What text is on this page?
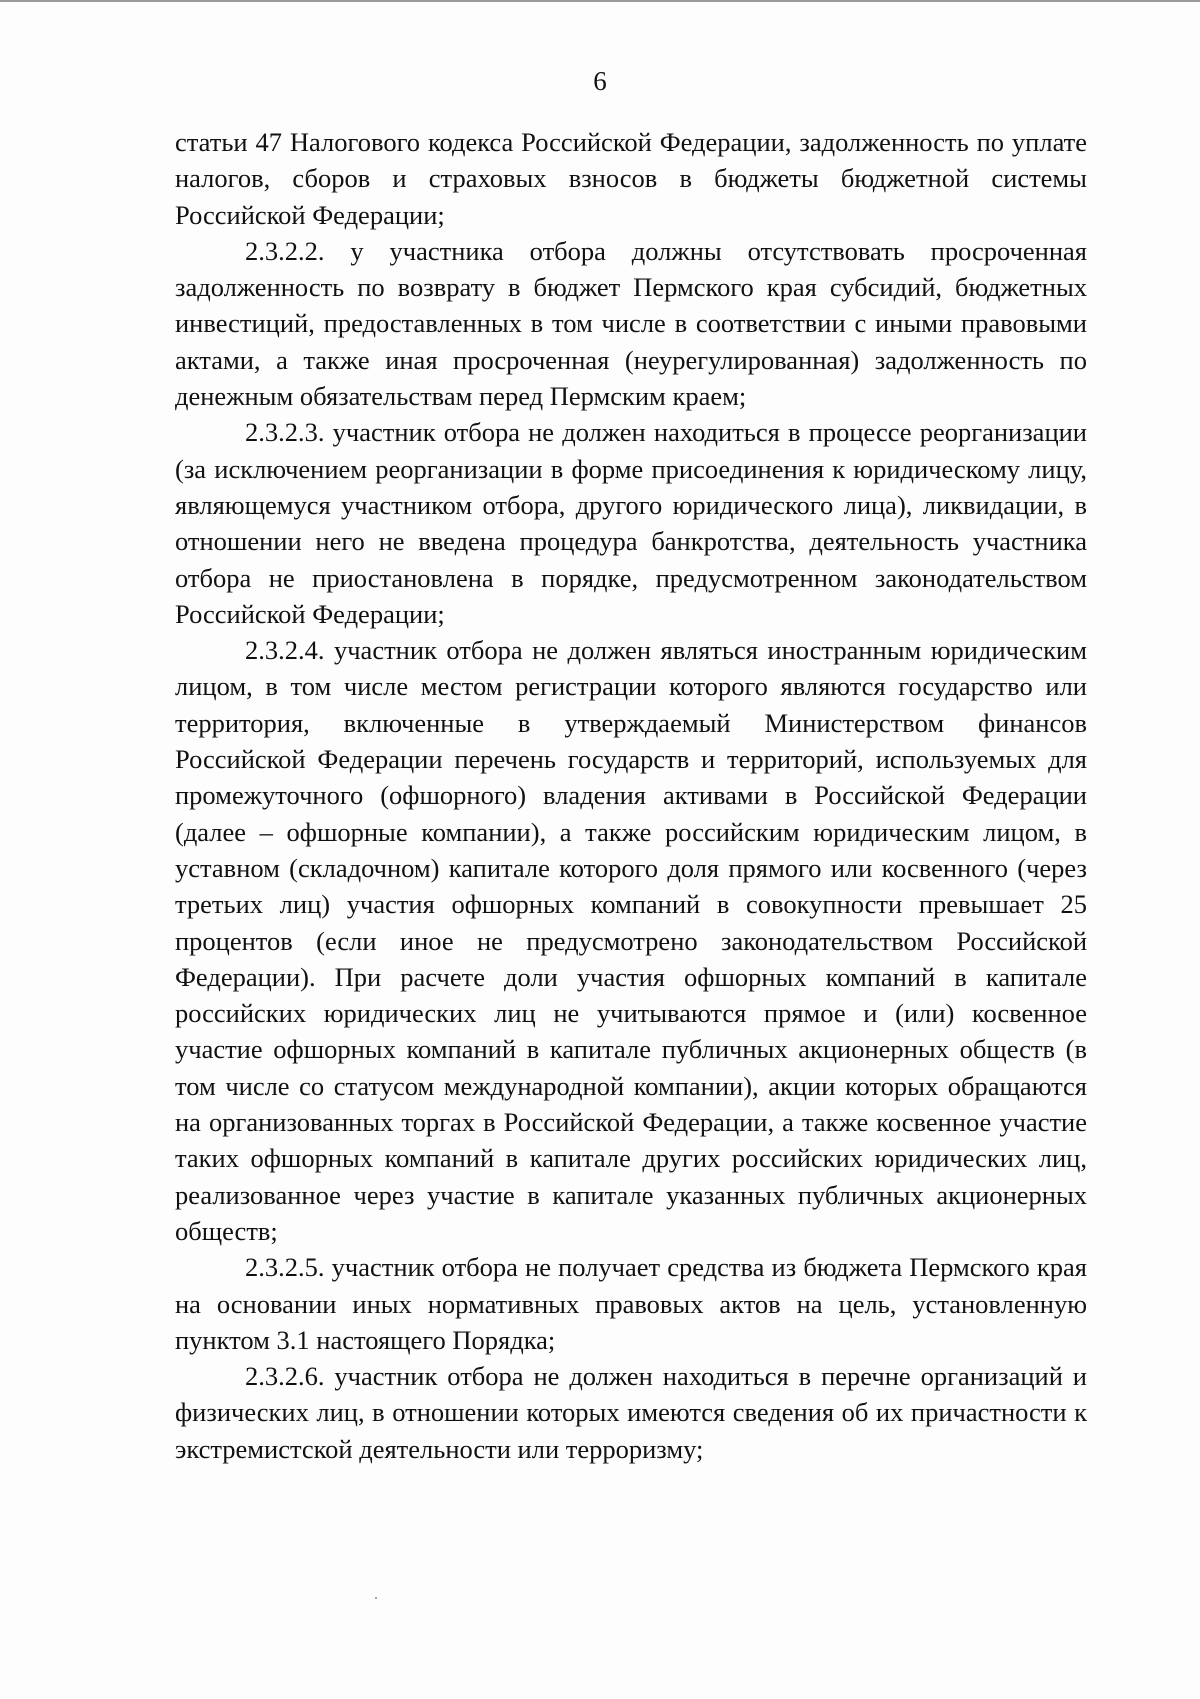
6

статьи 47 Налогового кодекса Российской Федерации, задолженность по уплате налогов, сборов и страховых взносов в бюджеты бюджетной системы Российской Федерации;

2.3.2.2. у участника отбора должны отсутствовать просроченная задолженность по возврату в бюджет Пермского края субсидий, бюджетных инвестиций, предоставленных в том числе в соответствии с иными правовыми актами, а также иная просроченная (неурегулированная) задолженность по денежным обязательствам перед Пермским краем;

2.3.2.3. участник отбора не должен находиться в процессе реорганизации (за исключением реорганизации в форме присоединения к юридическому лицу, являющемуся участником отбора, другого юридического лица), ликвидации, в отношении него не введена процедура банкротства, деятельность участника отбора не приостановлена в порядке, предусмотренном законодательством Российской Федерации;

2.3.2.4. участник отбора не должен являться иностранным юридическим лицом, в том числе местом регистрации которого являются государство или территория, включенные в утверждаемый Министерством финансов Российской Федерации перечень государств и территорий, используемых для промежуточного (офшорного) владения активами в Российской Федерации (далее – офшорные компании), а также российским юридическим лицом, в уставном (складочном) капитале которого доля прямого или косвенного (через третьих лиц) участия офшорных компаний в совокупности превышает 25 процентов (если иное не предусмотрено законодательством Российской Федерации). При расчете доли участия офшорных компаний в капитале российских юридических лиц не учитываются прямое и (или) косвенное участие офшорных компаний в капитале публичных акционерных обществ (в том числе со статусом международной компании), акции которых обращаются на организованных торгах в Российской Федерации, а также косвенное участие таких офшорных компаний в капитале других российских юридических лиц, реализованное через участие в капитале указанных публичных акционерных обществ;

2.3.2.5. участник отбора не получает средства из бюджета Пермского края на основании иных нормативных правовых актов на цель, установленную пунктом 3.1 настоящего Порядка;

2.3.2.6. участник отбора не должен находиться в перечне организаций и физических лиц, в отношении которых имеются сведения об их причастности к экстремистской деятельности или терроризму;
